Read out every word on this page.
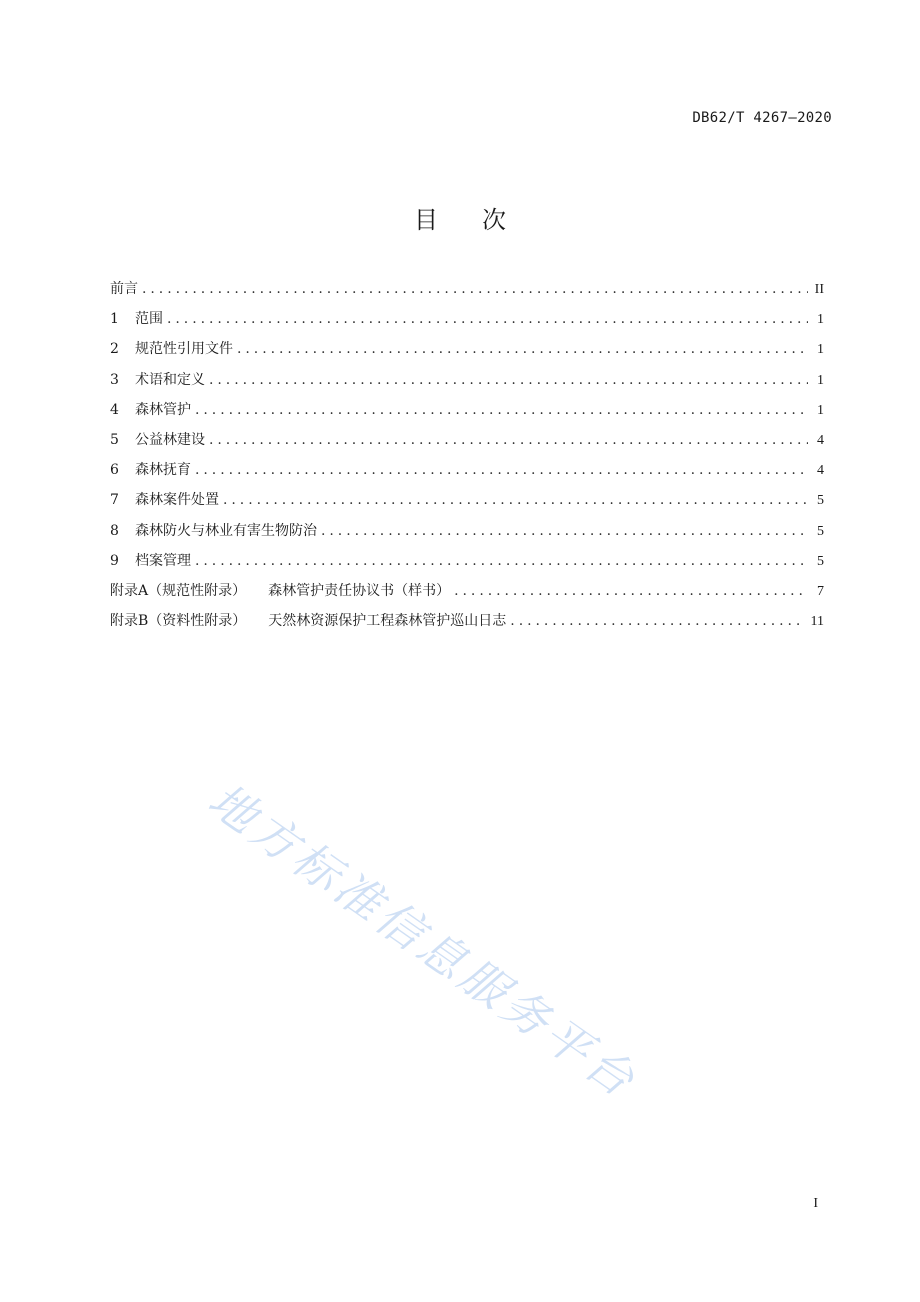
DB62/T 4267—2020
目次
前言 . . .	II
1	范围 . . .	1
2	规范性引用文件 . . .	1
3	术语和定义 . . .	1
4	森林管护 . . .	1
5	公益林建设 . . .	4
6	森林抚育 . . .	4
7	森林案件处置 . . .	5
8	森林防火与林业有害生物防治 . . .	5
9	档案管理 . . .	5
附录A（规范性附录） 森林管护责任协议书（样书） . . .	7
附录B（资料性附录） 天然林资源保护工程森林管护巡山日志 . . .	11
地方标准信息服务平台
I
